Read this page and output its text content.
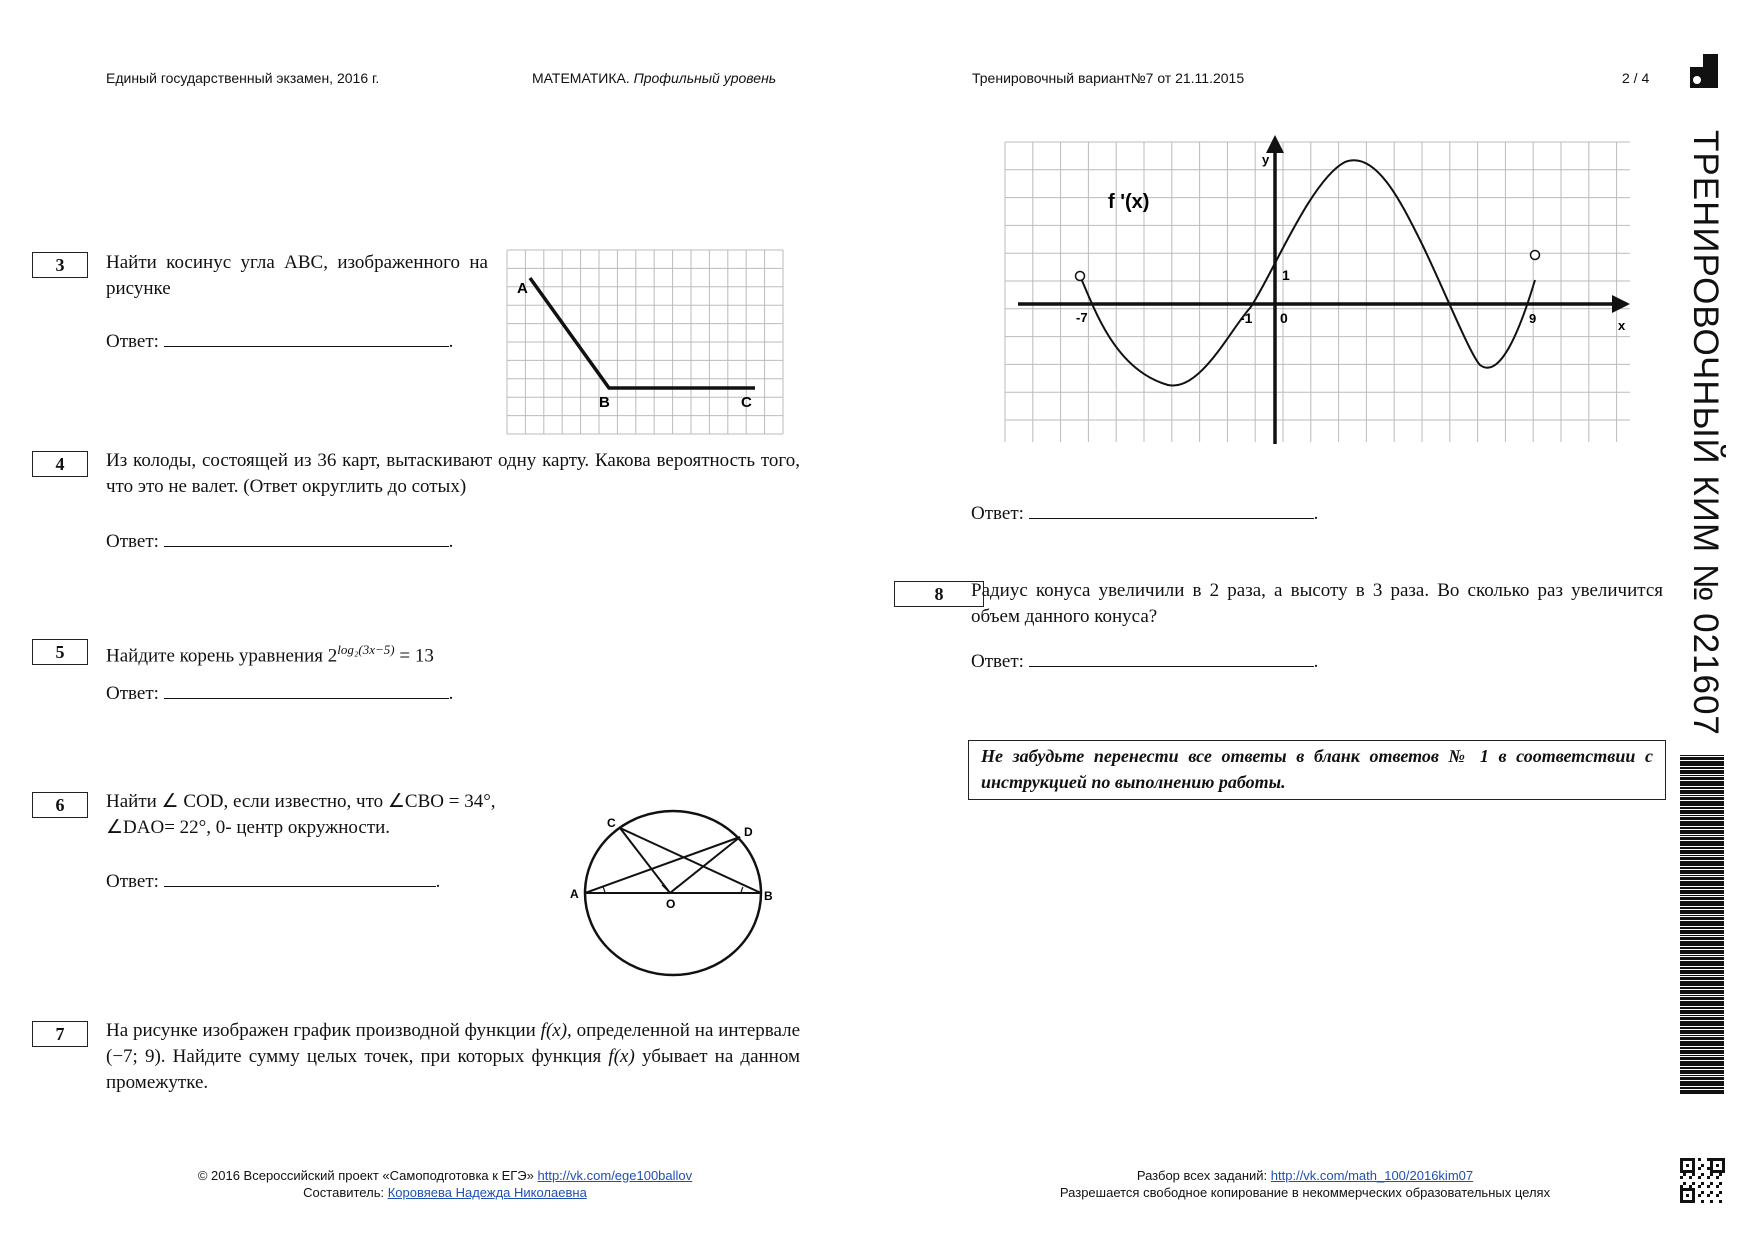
Единый государственный экзамен, 2016 г.	МАТЕМАТИКА. Профильный уровень	Тренировочный вариант№7 от 21.11.2015	2 / 4
ТРЕНИРОВОЧНЫЙ КИМ № 021607
3	Найти косинус угла ABC, изображенного на рисунке
Ответ:	.
A
B	C
4	Из колоды, состоящей из 36 карт, вытаскивают одну карту. Какова вероятность того, что это не валет. (Ответ округлить до сотых)
Ответ:	.
5	Найдите корень уравнения $2^{log_2(3x-5)} = 13$
Ответ:	.
6	Найти ∠ COD, если известно, что ∠CBO = 34°,
∠DAO= 22°, 0- центр окружности.
Ответ:	.
A	B
C
D
O
7	На рисунке изображен график производной функции f(x), определенной на интервале (−7; 9). Найдите сумму целых точек, при которых функция f(x) убывает на данном промежутке.
f '(x)
y
x
1
0
-1
-7	9
Ответ:	.
8	Радиус конуса увеличили в 2 раза, а высоту в 3 раза. Во сколько раз увеличится объем данного конуса?
Ответ:	.
Не забудьте перенести все ответы в бланк ответов № 1 в соответствии с инструкцией по выполнению работы.
© 2016 Всероссийский проект «Самоподготовка к ЕГЭ» http://vk.com/ege100ballov
Составитель: Коровяева Надежда Николаевна
Разбор всех заданий: http://vk.com/math_100/2016kim07
Разрешается свободное копирование в некоммерческих образовательных целях
